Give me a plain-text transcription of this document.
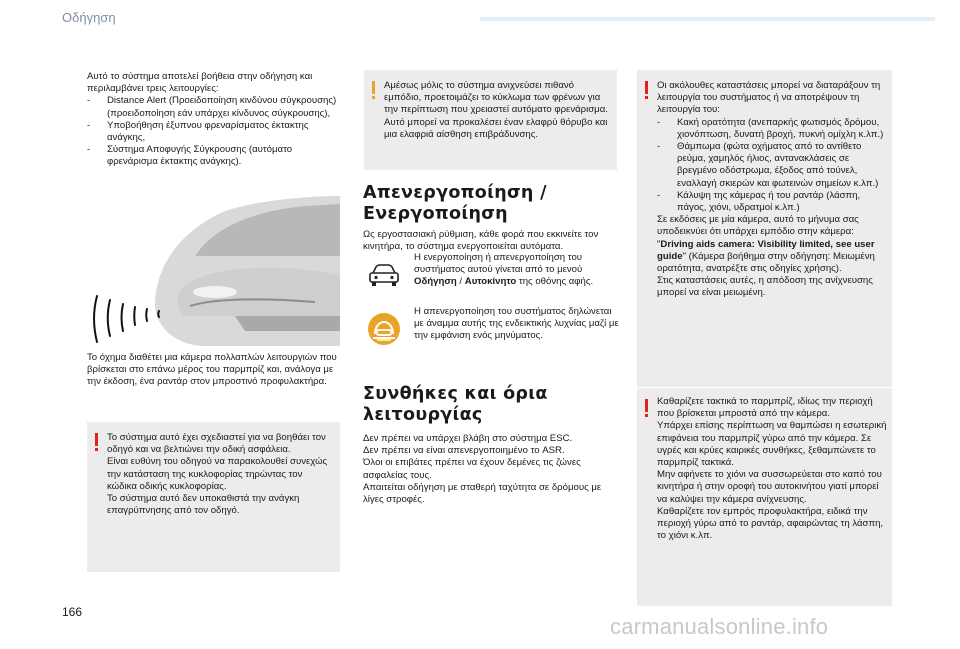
Οδήγηση

Αυτό το σύστημα αποτελεί βοήθεια στην οδήγηση και περιλαμβάνει τρεις λειτουργίες:

- Distance Alert (Προειδοποίηση κινδύνου σύγκρουσης) (προειδοποίηση εάν υπάρχει κίνδυνος σύγκρουσης),
- Υποβοήθηση έξυπνου φρεναρίσματος έκτακτης ανάγκης,
- Σύστημα Αποφυγής Σύγκρουσης (αυτόματο φρενάρισμα έκτακτης ανάγκης).
Το όχημα διαθέτει μια κάμερα πολλαπλών λειτουργιών που βρίσκεται στο επάνω μέρος του παρμπρίζ και, ανάλογα με την έκδοση, ένα ραντάρ στον μπροστινό προφυλακτήρα.

Το σύστημα αυτό έχει σχεδιαστεί για να βοηθάει τον οδηγό και να βελτιώνει την οδική ασφάλεια.

Είναι ευθύνη του οδηγού να παρακολουθεί συνεχώς την κατάσταση της κυκλοφορίας τηρώντας τον κώδικα οδικής κυκλοφορίας.

Το σύστημα αυτό δεν υποκαθιστά την ανάγκη επαγρύπνησης από τον οδηγό.

Αμέσως μόλις το σύστημα ανιχνεύσει πιθανό εμπόδιο, προετοιμάζει το κύκλωμα των φρένων για την περίπτωση που χρειαστεί αυτόματο φρενάρισμα. Αυτό μπορεί να προκαλέσει έναν ελαφρύ θόρυβο και μια ελαφριά αίσθηση επιβράδυνσης.
Απενεργοποίηση /
Ενεργοποίηση
Ως εργοστασιακή ρύθμιση, κάθε φορά που εκκινείτε τον κινητήρα, το σύστημα ενεργοποιείται αυτόματα.
Η ενεργοποίηση ή απενεργοποίηση του συστήματος αυτού γίνεται από το μενού Οδήγηση / Αυτοκίνητο της οθόνης αφής.
Η απενεργοποίηση του συστήματος δηλώνεται με άναμμα αυτής της ενδεικτικής λυχνίας μαζί με την εμφάνιση ενός μηνύματος.
Συνθήκες και όρια
λειτουργίας

Δεν πρέπει να υπάρχει βλάβη στο σύστημα ESC.

Δεν πρέπει να είναι απενεργοποιημένο το ASR.

Όλοι οι επιβάτες πρέπει να έχουν δεμένες τις ζώνες ασφαλείας τους.

Απαιτείται οδήγηση με σταθερή ταχύτητα σε δρόμους με λίγες στροφές.

Οι ακόλουθες καταστάσεις μπορεί να διαταράξουν τη λειτουργία του συστήματος ή να αποτρέψουν τη λειτουργία του:

- Κακή ορατότητα (ανεπαρκής φωτισμός δρόμου, χιονόπτωση, δυνατή βροχή, πυκνή ομίχλη κ.λπ.)
- Θάμπωμα (φώτα οχήματος από το αντίθετο ρεύμα, χαμηλός ήλιος, αντανακλάσεις σε βρεγμένο οδόστρωμα, έξοδος από τούνελ, εναλλαγή σκιερών και φωτεινών σημείων κ.λπ.)
- Κάλυψη της κάμερας ή του ραντάρ (λάσπη, πάγος, χιόνι, υδρατμοί κ.λπ.)

Σε εκδόσεις με μία κάμερα, αυτό το μήνυμα σας υποδεικνύει ότι υπάρχει εμπόδιο στην κάμερα: "Driving aids camera: Visibility limited, see user guide" (Κάμερα βοήθημα στην οδήγηση: Μειωμένη ορατότητα, ανατρέξτε στις οδηγίες χρήσης).

Στις καταστάσεις αυτές, η απόδοση της ανίχνευσης μπορεί να είναι μειωμένη.

Καθαρίζετε τακτικά το παρμπρίζ, ιδίως την περιοχή που βρίσκεται μπροστά από την κάμερα.

Υπάρχει επίσης περίπτωση να θαμπώσει η εσωτερική επιφάνεια του παρμπρίζ γύρω από την κάμερα. Σε υγρές και κρύες καιρικές συνθήκες, ξεθαμπώνετε το παρμπρίζ τακτικά.

Μην αφήνετε το χιόνι να συσσωρεύεται στο καπό του κινητήρα ή στην οροφή του αυτοκινήτου γιατί μπορεί να καλύψει την κάμερα ανίχνευσης.

Καθαρίζετε τον εμπρός προφυλακτήρα, ειδικά την περιοχή γύρω από το ραντάρ, αφαιρώντας τη λάσπη, το χιόνι κ.λπ.

166
carmanualsonline.info
